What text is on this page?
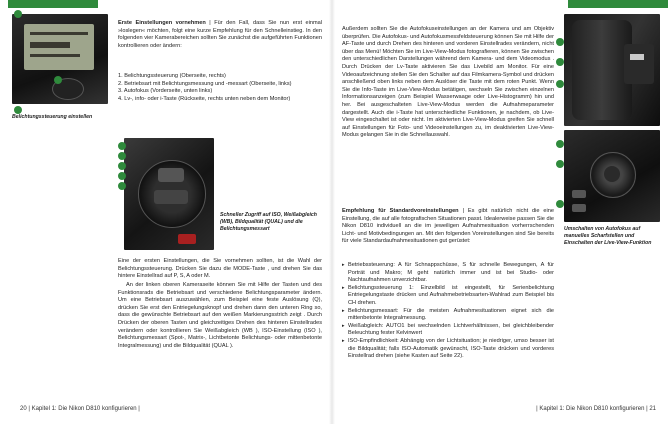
Belichtungssteuerung einstellen

Erste Einstellungen vornehmen | Für den Fall, dass Sie nun erst einmal »loslegen« möchten, folgt eine kurze Empfehlung für den Schnelleinstieg. In den folgenden vier Kamerabereichen sollten Sie zunächst die aufgeführten Funktionen kontrollieren oder ändern:

1. Belichtungssteuerung (Oberseite, rechts)
2. Betriebsart mit Belichtungsmessung und -messart (Oberseite, links)
3. Autofokus (Vorderseite, unten links)
4. Lv-, info- oder i-Taste (Rückseite, rechts unten neben dem Monitor)

Schneller Zugriff auf ISO, Weißabgleich (WB), Bildqualität (QUAL) und die Belichtungsmessart

Eine der ersten Einstellungen, die Sie vornehmen sollten, ist die Wahl der Belichtungssteuerung. Drücken Sie dazu die MODE-Taste , und drehen Sie das hintere Einstellrad auf P, S, A oder M.

An der linken oberen Kameraseite können Sie mit Hilfe der Tasten und des Funktionsrads die Betriebsart und verschiedene Belichtungsparameter ändern. Um eine Betriebsart auszuwählen, zum Beispiel eine feste Auslösung (Q), drücken Sie erst den Entriegelungsknopf und drehen dann den unteren Ring so, dass die gewünschte Betriebsart auf den weißen Markierungsstrich zeigt . Durch Drücken der oberen Tasten und gleichzeitiges Drehen des hinteren Einstellrades verändern oder kontrollieren Sie Weißabgleich (WB ), ISO-Einstellung (ISO ), Belichtungsmessart (Spot-, Matrix-, Lichtbetonte Belichtungs- oder mittenbetonte Integralmessung) und die Bildqualität (QUAL ).

20 | Kapitel 1: Die Nikon D810 konfigurieren |

Außerdem sollten Sie die Autofokuseinstellungen an der Kamera und am Objektiv überprüfen. Die Autofokus- und Autofokusmessfeldsteuerung können Sie mit Hilfe der AF-Taste und durch Drehen des hinteren und vorderen Einstellrades verändern, nicht über das Menü! Möchten Sie im Live-View-Modus fotografieren, können Sie zwischen den unterschiedlichen Darstellungen während dem Kamera- und dem Videomodus . Durch Drücken der Lv-Taste aktivieren Sie das Livebild am Monitor. Für eine Videoaufzeichnung stellen Sie den Schalter auf das Filmkamera-Symbol und drücken anschließend oben links neben dem Auslöser die Taste mit dem roten Punkt. Wenn Sie die Info-Taste im Live-View-Modus betätigen, wechseln Sie zwischen einzelnen Informationsanzeigen (zum Beispiel Wasserwaage oder Live-Histogramm) hin und her. Bei ausgeschalteten Live-View-Modus werden die Aufnahmeparameter dargestellt. Auch die i-Taste hat unterschiedliche Funktionen, je nachdem, ob Live-View eingeschaltet ist oder nicht. Im aktivierten Live-View-Modus greifen Sie schnell auf Einstellungen für Foto- und Videoeinstellungen zu, im deaktivierten Live-View-Modus gelangen Sie in die Schnellauswahl.

Empfehlung für Standardvoreinstellungen | Es gibt natürlich nicht die eine Einstellung, die auf alle fotografischen Situationen passt. Idealerweise passen Sie die Nikon D810 individuell an die im jeweiligen Aufnahmesituation vorherrschenden Licht- und Motivbedingungen an. Mit den folgenden Voreinstellungen sind Sie bereits für viele Standardaufnahmesituationen gut gerüstet:

▸ Betriebssteuerung: A für Schnappschüsse, S für schnelle Bewegungen, A für Porträt und Makro; M geht natürlich immer und ist bei Studio- oder Nachtaufnahmen unverzichtbar.
▸ Belichtungssteuerung 1: Einzelbild ist eingestellt, für Serienbelichtung Entriegelungstaste drücken und Aufnahmebetriebsarten-Wahlrad zum Beispiel bis CH drehen.
▸ Belichtungsmessart: Für die meisten Aufnahmesituationen eignet sich die mittenbetonte Integralmessung.
▸ Weißabgleich: AUTO1 bei wechselnden Lichtverhältnissen, bei gleichbleibender Beleuchtung fester Kelvinwert
▸ ISO-Empfindlichkeit: Abhängig von der Lichtsituation; je niedriger, umso besser ist die Bildqualität; falls ISO-Automatik gewünscht, ISO-Taste drücken und vorderes Einstellrad drehen (siehe Kasten auf Seite 22).

Umschalten von Autofokus auf manuelles Scharfstellen und Einschalten der Live-View-Funktion

| Kapitel 1: Die Nikon D810 konfigurieren | 21
